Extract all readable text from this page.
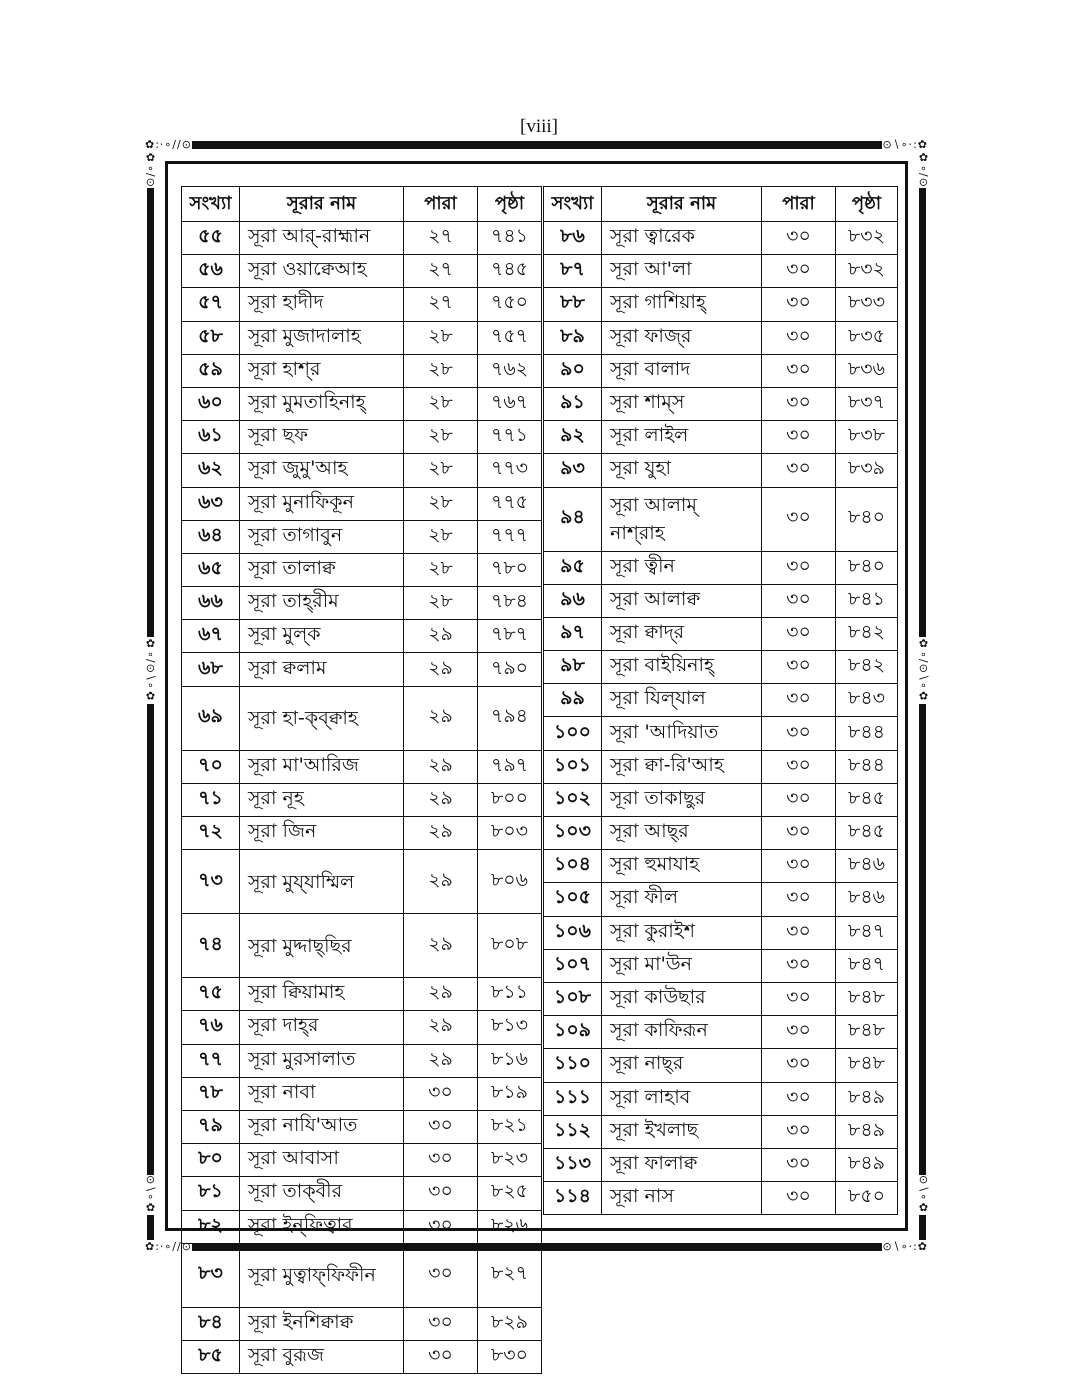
[viii]
✿:⋅∘∕∕⊙	⊙∖∘⋅:✿
✿:⋅∘∕∕⊙	⊙∖∘⋅:✿
✿∘∕⊙
✿∘∕⊙∖∘✿
⊙∖∘✿
✿∘∕⊙
✿∘∕⊙∖∘✿
⊙∖∘✿
সংখ্যা	সূরার নাম	পারা	পৃষ্ঠা
৫৫	সূরা আর্-রাহ্মান	২৭	৭৪১
৫৬	সূরা ওয়াক্বেআহ	২৭	৭৪৫
৫৭	সূরা হাদীদ	২৭	৭৫০
৫৮	সূরা মুজাদালাহ	২৮	৭৫৭
৫৯	সূরা হাশ্‌র	২৮	৭৬২
৬০	সূরা মুমতাহিনাহ্	২৮	৭৬৭
৬১	সূরা ছফ	২৮	৭৭১
৬২	সূরা জুমু'আহ	২৮	৭৭৩
৬৩	সূরা মুনাফিকূন	২৮	৭৭৫
৬৪	সূরা তাগাবুন	২৮	৭৭৭
৬৫	সূরা তালাক্ব	২৮	৭৮০
৬৬	সূরা তাহ্‌রীম	২৮	৭৮৪
৬৭	সূরা মুল্‌ক	২৯	৭৮৭
৬৮	সূরা ক্বলাম	২৯	৭৯০
৬৯	সূরা হা-ক্ব্ক্বাহ	২৯	৭৯৪
৭০	সূরা মা'আরিজ	২৯	৭৯৭
৭১	সূরা নূহ	২৯	৮০০
৭২	সূরা জিন	২৯	৮০৩
৭৩	সূরা মুয্‌যাম্মিল	২৯	৮০৬
৭৪	সূরা মুদ্দাছ্‌ছির	২৯	৮০৮
৭৫	সূরা ক্বিয়ামাহ	২৯	৮১১
৭৬	সূরা দাহ্‌র	২৯	৮১৩
৭৭	সূরা মুরসালাত	২৯	৮১৬
৭৮	সূরা নাবা	৩০	৮১৯
৭৯	সূরা নাযি'আত	৩০	৮২১
৮০	সূরা আবাসা	৩০	৮২৩
৮১	সূরা তাক্‌বীর	৩০	৮২৫
৮২	সূরা ইন্‌ফিত্বার	৩০	৮২৬
৮৩	সূরা মুত্বাফ্‌ফিফীন	৩০	৮২৭
৮৪	সূরা ইনশিক্বাক্ব	৩০	৮২৯
৮৫	সূরা বুরূজ	৩০	৮৩০
সংখ্যা	সূরার নাম	পারা	পৃষ্ঠা
৮৬	সূরা ত্বারেক	৩০	৮৩২
৮৭	সূরা আ'লা	৩০	৮৩২
৮৮	সূরা গাশিয়াহ্	৩০	৮৩৩
৮৯	সূরা ফাজ্‌র	৩০	৮৩৫
৯০	সূরা বালাদ	৩০	৮৩৬
৯১	সূরা শাম্‌স	৩০	৮৩৭
৯২	সূরা লাইল	৩০	৮৩৮
৯৩	সূরা যুহা	৩০	৮৩৯
৯৪	সূরা আলাম্ নাশ্‌রাহ	৩০	৮৪০
৯৫	সূরা ত্বীন	৩০	৮৪০
৯৬	সূরা আলাক্ব	৩০	৮৪১
৯৭	সূরা ক্বাদ্‌র	৩০	৮৪২
৯৮	সূরা বাইয়িনাহ্	৩০	৮৪২
৯৯	সূরা যিল্‌যাল	৩০	৮৪৩
১০০	সূরা 'আদিয়াত	৩০	৮৪৪
১০১	সূরা ক্বা-রি'আহ	৩০	৮৪৪
১০২	সূরা তাকাছুর	৩০	৮৪৫
১০৩	সূরা আছ্‌র	৩০	৮৪৫
১০৪	সূরা হুমাযাহ	৩০	৮৪৬
১০৫	সূরা ফীল	৩০	৮৪৬
১০৬	সূরা কুরাইশ	৩০	৮৪৭
১০৭	সূরা মা'উন	৩০	৮৪৭
১০৮	সূরা কাউছার	৩০	৮৪৮
১০৯	সূরা কাফিরূন	৩০	৮৪৮
১১০	সূরা নাছ্‌র	৩০	৮৪৮
১১১	সূরা লাহাব	৩০	৮৪৯
১১২	সূরা ইখলাছ	৩০	৮৪৯
১১৩	সূরা ফালাক্ব	৩০	৮৪৯
১১৪	সূরা নাস	৩০	৮৫০
